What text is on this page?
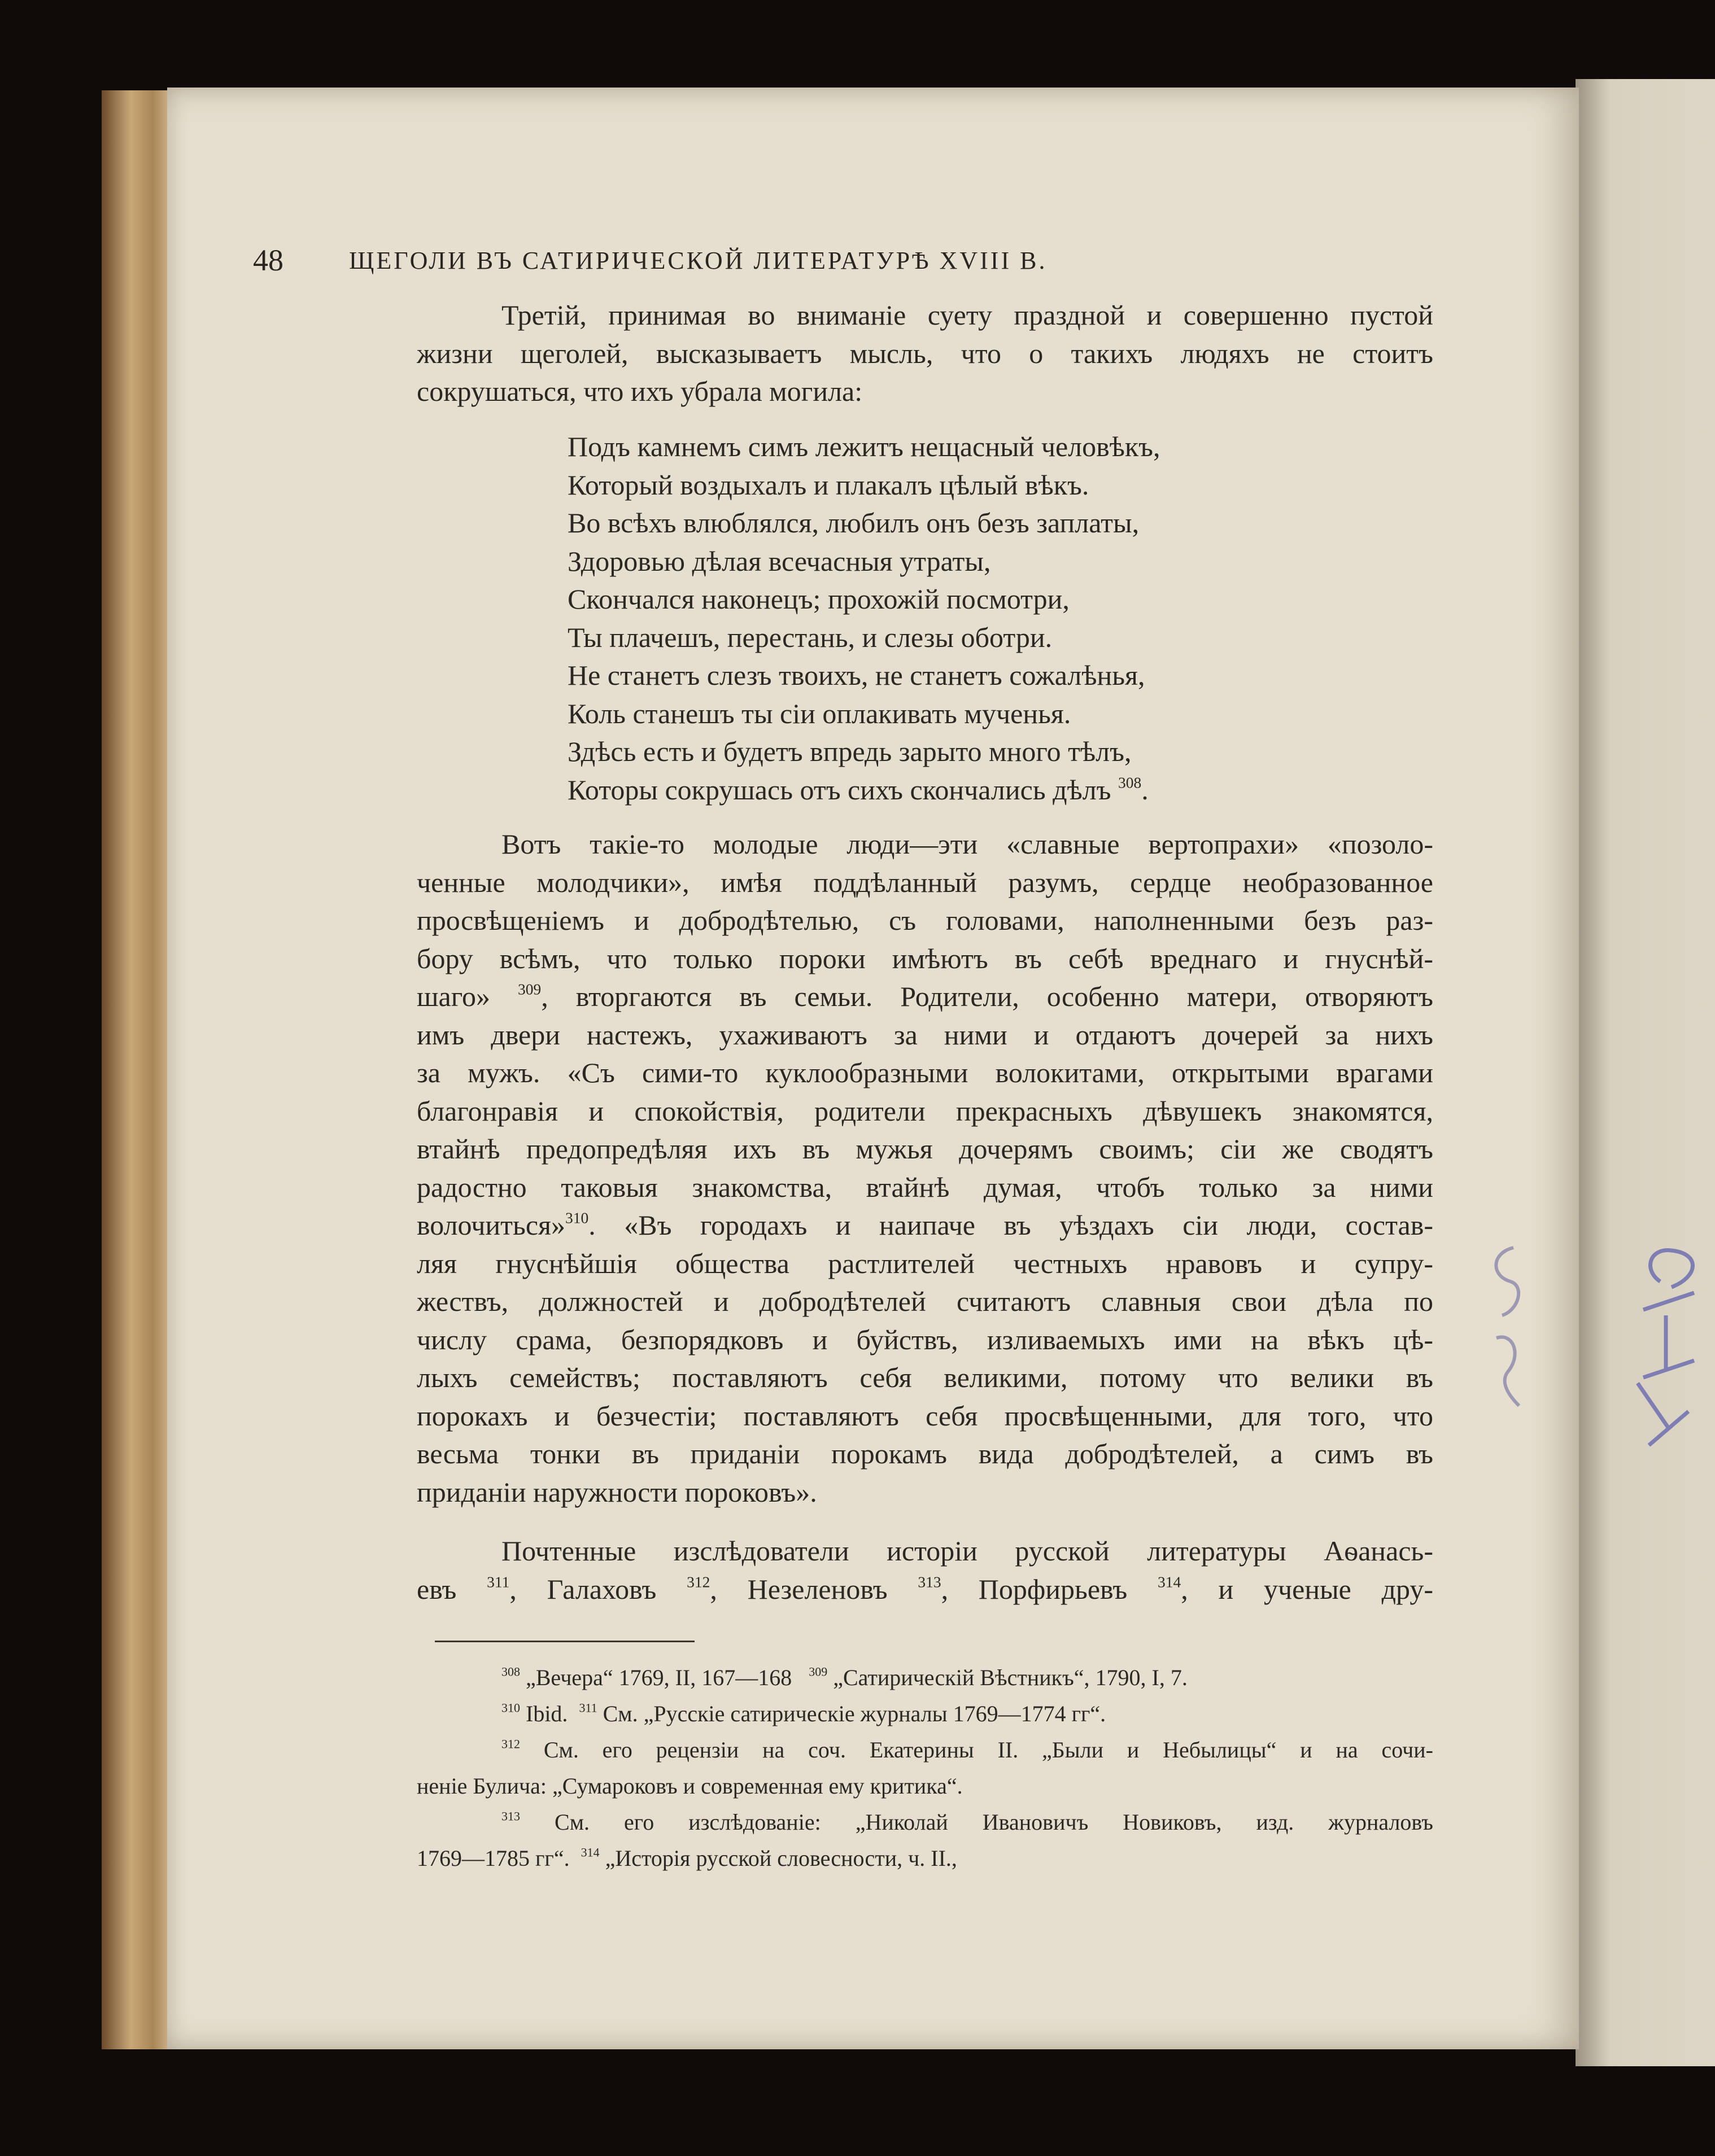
48	ЩЕГОЛИ ВЪ САТИРИЧЕСКОЙ ЛИТЕРАТУРѢ XVIII В.
Третій, принимая во вниманіе суету праздной и совершенно пустой
жизни щеголей, высказываетъ мысль, что о такихъ людяхъ не стоитъ
сокрушаться, что ихъ убрала могила:
Подъ камнемъ симъ лежитъ нещасный человѣкъ,
Который воздыхалъ и плакалъ цѣлый вѣкъ.
Во всѣхъ влюблялся, любилъ онъ безъ заплаты,
Здоровью дѣлая всечасныя утраты,
Скончался наконецъ; прохожій посмотри,
Ты плачешъ, перестань, и слезы оботри.
Не станетъ слезъ твоихъ, не станетъ сожалѣнья,
Коль станешъ ты сіи оплакивать мученья.
Здѣсь есть и будетъ впредь зарыто много тѣлъ,
Которы сокрушась отъ сихъ скончались дѣлъ $^{308}$.
Вотъ такіе-то молодые люди—эти «славные вертопрахи» «позоло-
ченные молодчики», имѣя поддѣланный разумъ, сердце необразованное
просвѣщеніемъ и добродѣтелью, съ головами, наполненными безъ раз-
бору всѣмъ, что только пороки имѣютъ въ себѣ вреднаго и гнуснѣй-
шаго» $^{309}$, вторгаются въ семьи. Родители, особенно матери, отворяютъ
имъ двери настежъ, ухаживаютъ за ними и отдаютъ дочерей за нихъ
за мужъ. «Съ сими-то куклообразными волокитами, открытыми врагами
благонравія и спокойствія, родители прекрасныхъ дѣвушекъ знакомятся,
втайнѣ предопредѣляя ихъ въ мужья дочерямъ своимъ; сіи же сводятъ
радостно таковыя знакомства, втайнѣ думая, чтобъ только за ними
волочиться»$^{310}$. «Въ городахъ и наипаче въ уѣздахъ сіи люди, состав-
ляя гнуснѣйшія общества растлителей честныхъ нравовъ и супру-
жествъ, должностей и добродѣтелей считаютъ славныя свои дѣла по
числу срама, безпорядковъ и буйствъ, изливаемыхъ ими на вѣкъ цѣ-
лыхъ семействъ; поставляютъ себя великими, потому что велики въ
порокахъ и безчестіи; поставляютъ себя просвѣщенными, для того, что
весьма тонки въ приданіи порокамъ вида добродѣтелей, а симъ въ
приданіи наружности пороковъ».
Почтенные изслѣдователи исторіи русской литературы Аѳанась-
евъ $^{311}$, Галаховъ $^{312}$, Незеленовъ $^{313}$, Порфирьевъ $^{314}$, и ученые дру-
$^{308}$ „Вечера“ 1769, II, 167—168 $^{309}$ „Сатирическій Вѣстникъ“, 1790, I, 7.
$^{310}$ Ibid. $^{311}$ См. „Русскіе сатирическіе журналы 1769—1774 гг“.
$^{312}$ См. его рецензіи на соч. Екатерины II. „Были и Небылицы“ и на сочи-
неніе Булича: „Сумароковъ и современная ему критика“.
$^{313}$ См. его изслѣдованіе: „Николай Ивановичъ Новиковъ, изд. журналовъ
1769—1785 гг“. $^{314}$ „Исторія русской словесности, ч. II.,
